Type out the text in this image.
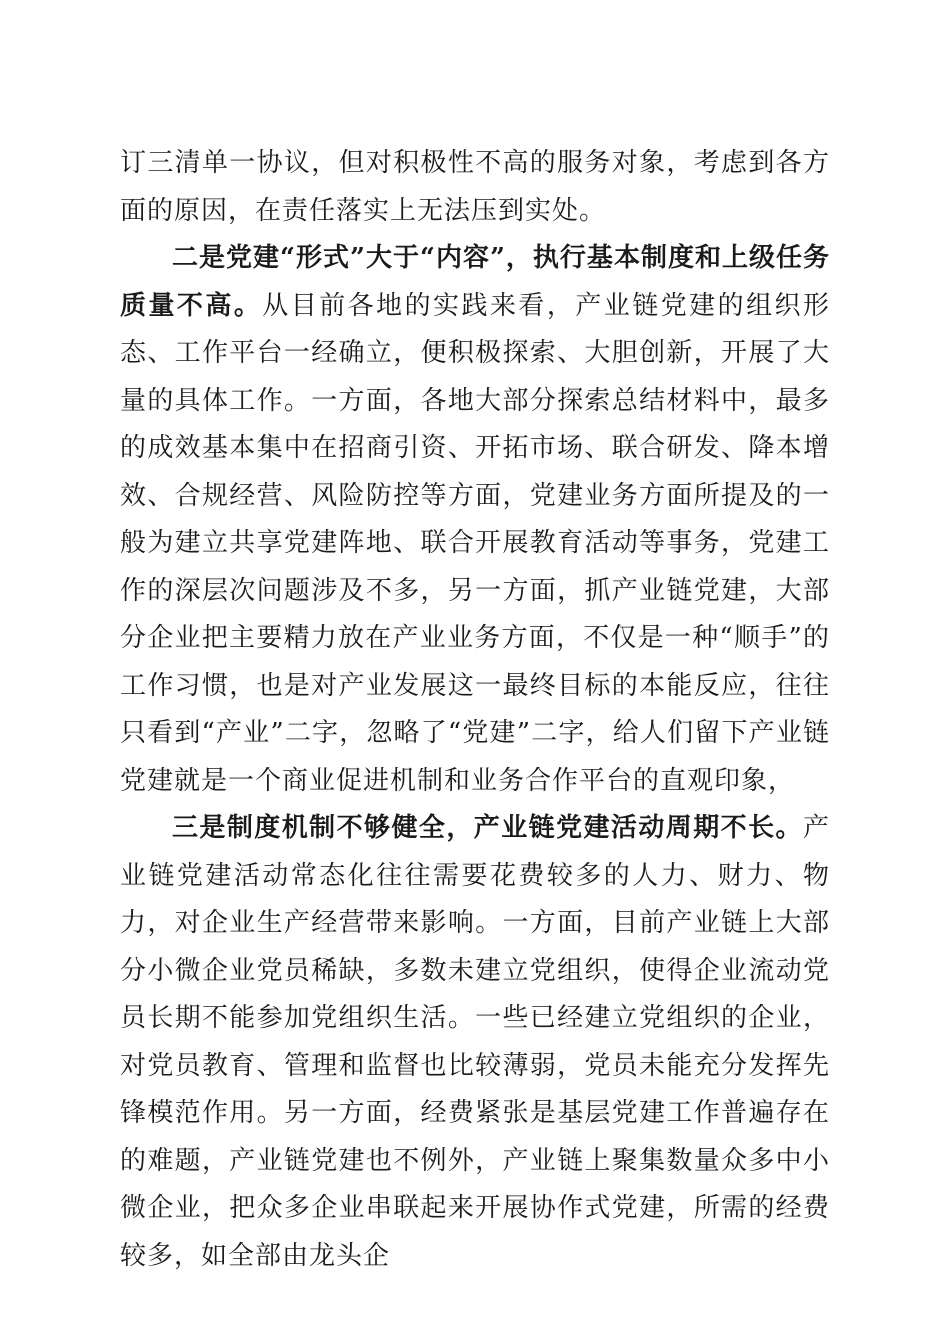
订三清单一协议，但对积极性不高的服务对象，考虑到各方面的原因，在责任落实上无法压到实处。

二是党建“形式”大于“内容”，执行基本制度和上级任务质量不高。从目前各地的实践来看，产业链党建的组织形态、工作平台一经确立，便积极探索、大胆创新，开展了大量的具体工作。一方面，各地大部分探索总结材料中，最多的成效基本集中在招商引资、开拓市场、联合研发、降本增效、合规经营、风险防控等方面，党建业务方面所提及的一般为建立共享党建阵地、联合开展教育活动等事务，党建工作的深层次问题涉及不多，另一方面，抓产业链党建，大部分企业把主要精力放在产业业务方面，不仅是一种“顺手”的工作习惯，也是对产业发展这一最终目标的本能反应，往往只看到“产业”二字，忽略了“党建”二字，给人们留下产业链党建就是一个商业促进机制和业务合作平台的直观印象，

三是制度机制不够健全，产业链党建活动周期不长。产业链党建活动常态化往往需要花费较多的人力、财力、物力，对企业生产经营带来影响。一方面，目前产业链上大部分小微企业党员稀缺，多数未建立党组织，使得企业流动党员长期不能参加党组织生活。一些已经建立党组织的企业，对党员教育、管理和监督也比较薄弱，党员未能充分发挥先锋模范作用。另一方面，经费紧张是基层党建工作普遍存在的难题，产业链党建也不例外，产业链上聚集数量众多中小微企业，把众多企业串联起来开展协作式党建，所需的经费较多，如全部由龙头企
